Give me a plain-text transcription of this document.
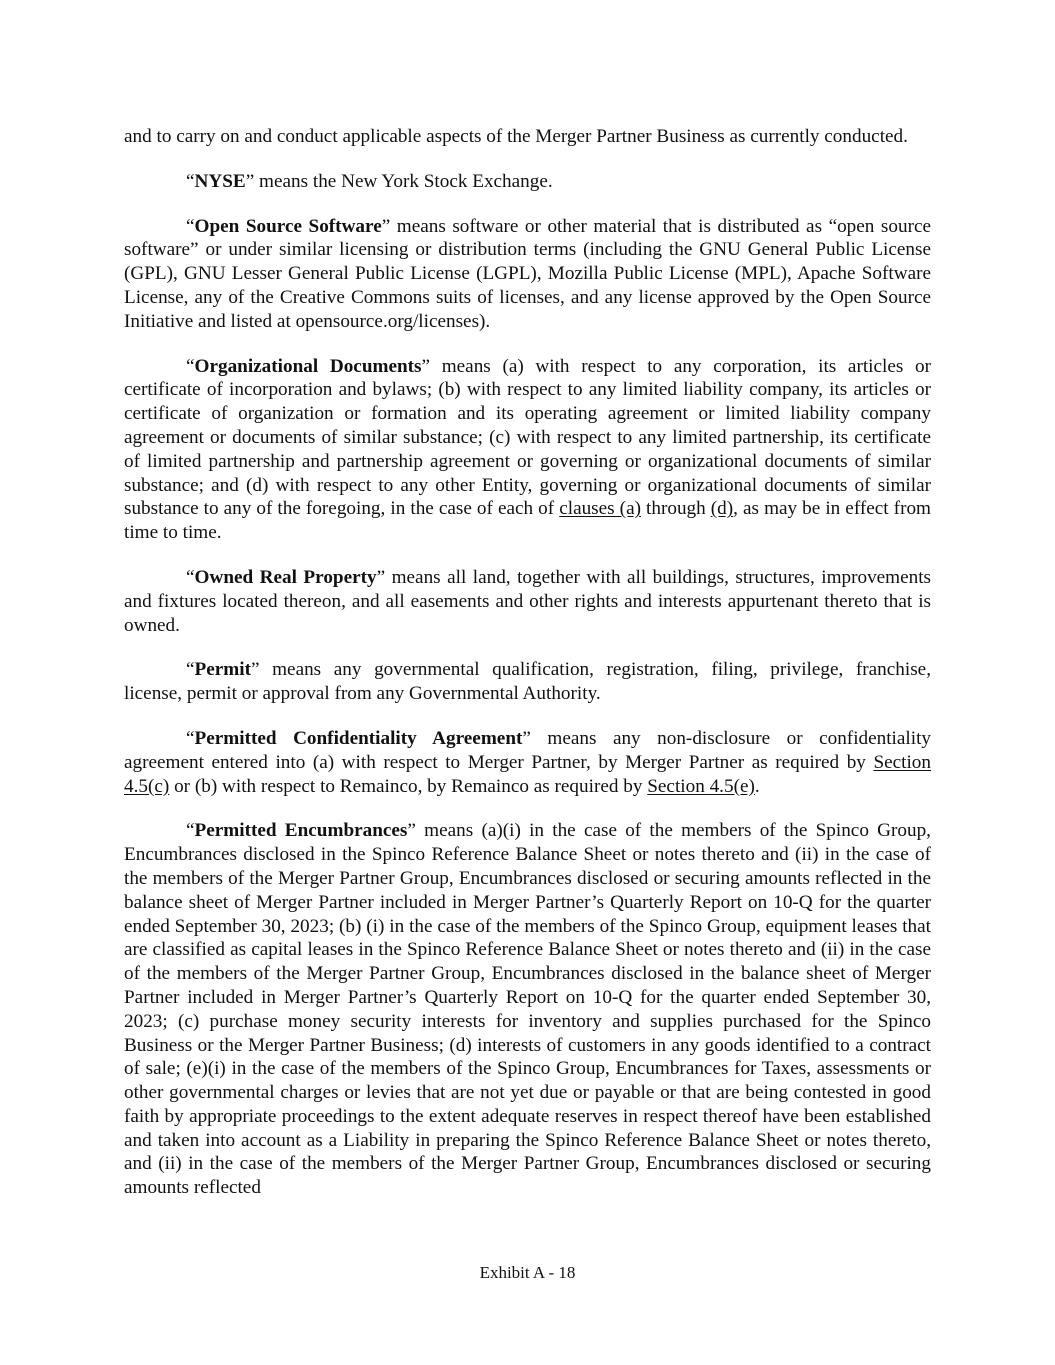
and to carry on and conduct applicable aspects of the Merger Partner Business as currently conducted.

“NYSE” means the New York Stock Exchange.

“Open Source Software” means software or other material that is distributed as “open source software” or under similar licensing or distribution terms (including the GNU General Public License (GPL), GNU Lesser General Public License (LGPL), Mozilla Public License (MPL), Apache Software License, any of the Creative Commons suits of licenses, and any license approved by the Open Source Initiative and listed at opensource.org/licenses).

“Organizational Documents” means (a) with respect to any corporation, its articles or certificate of incorporation and bylaws; (b) with respect to any limited liability company, its articles or certificate of organization or formation and its operating agreement or limited liability company agreement or documents of similar substance; (c) with respect to any limited partnership, its certificate of limited partnership and partnership agreement or governing or organizational documents of similar substance; and (d) with respect to any other Entity, governing or organizational documents of similar substance to any of the foregoing, in the case of each of clauses (a) through (d), as may be in effect from time to time.

“Owned Real Property” means all land, together with all buildings, structures, improvements and fixtures located thereon, and all easements and other rights and interests appurtenant thereto that is owned.

“Permit” means any governmental qualification, registration, filing, privilege, franchise, license, permit or approval from any Governmental Authority.

“Permitted Confidentiality Agreement” means any non-disclosure or confidentiality agreement entered into (a) with respect to Merger Partner, by Merger Partner as required by Section 4.5(c) or (b) with respect to Remainco, by Remainco as required by Section 4.5(e).

“Permitted Encumbrances” means (a)(i) in the case of the members of the Spinco Group, Encumbrances disclosed in the Spinco Reference Balance Sheet or notes thereto and (ii) in the case of the members of the Merger Partner Group, Encumbrances disclosed or securing amounts reflected in the balance sheet of Merger Partner included in Merger Partner’s Quarterly Report on 10-Q for the quarter ended September 30, 2023; (b) (i) in the case of the members of the Spinco Group, equipment leases that are classified as capital leases in the Spinco Reference Balance Sheet or notes thereto and (ii) in the case of the members of the Merger Partner Group, Encumbrances disclosed in the balance sheet of Merger Partner included in Merger Partner’s Quarterly Report on 10-Q for the quarter ended September 30, 2023; (c) purchase money security interests for inventory and supplies purchased for the Spinco Business or the Merger Partner Business; (d) interests of customers in any goods identified to a contract of sale; (e)(i) in the case of the members of the Spinco Group, Encumbrances for Taxes, assessments or other governmental charges or levies that are not yet due or payable or that are being contested in good faith by appropriate proceedings to the extent adequate reserves in respect thereof have been established and taken into account as a Liability in preparing the Spinco Reference Balance Sheet or notes thereto, and (ii) in the case of the members of the Merger Partner Group, Encumbrances disclosed or securing amounts reflected

Exhibit A - 18
